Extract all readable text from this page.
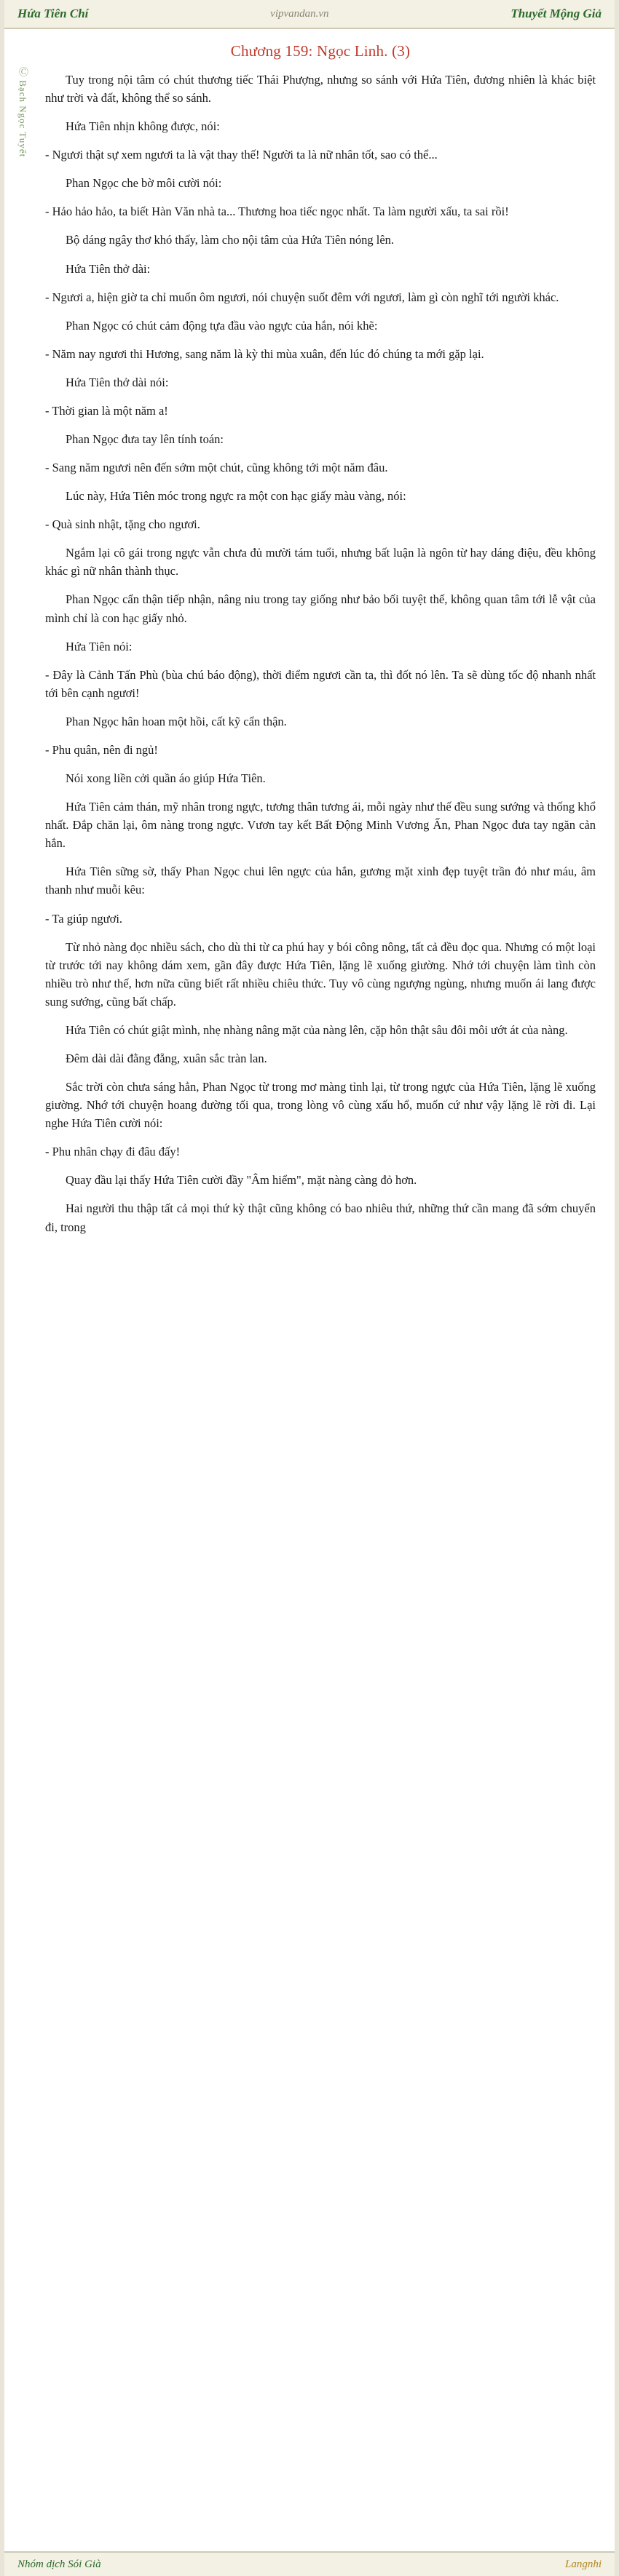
Hứa Tiên Chí	vipvandan.vn	Thuyết Mộng Giả
Ⓒ Bạch Ngọc Tuyết
Chương 159: Ngọc Linh. (3)

Tuy trong nội tâm có chút thương tiếc Thái Phượng, nhưng so sánh với Hứa Tiên, đương nhiên là khác biệt như trời và đất, không thể so sánh.

Hứa Tiên nhịn không được, nói:

- Ngươi thật sự xem ngươi ta là vật thay thế! Người ta là nữ nhân tốt, sao có thể...

Phan Ngọc che bờ môi cười nói:

- Hảo hảo hảo, ta biết Hàn Văn nhà ta... Thương hoa tiếc ngọc nhất. Ta làm người xấu, ta sai rồi!

Bộ dáng ngây thơ khó thấy, làm cho nội tâm của Hứa Tiên nóng lên.

Hứa Tiên thở dài:

- Ngươi a, hiện giờ ta chỉ muốn ôm ngươi, nói chuyện suốt đêm với ngươi, làm gì còn nghĩ tới người khác.

Phan Ngọc có chút cảm động tựa đầu vào ngực của hắn, nói khẽ:

- Năm nay ngươi thi Hương, sang năm là kỳ thi mùa xuân, đến lúc đó chúng ta mới gặp lại.

Hứa Tiên thở dài nói:

- Thời gian là một năm a!

Phan Ngọc đưa tay lên tính toán:

- Sang năm ngươi nên đến sớm một chút, cũng không tới một năm đâu.

Lúc này, Hứa Tiên móc trong ngực ra một con hạc giấy màu vàng, nói:

- Quà sinh nhật, tặng cho ngươi.

Ngắm lại cô gái trong ngực vẫn chưa đủ mười tám tuổi, nhưng bất luận là ngôn từ hay dáng điệu, đều không khác gì nữ nhân thành thục.

Phan Ngọc cẩn thận tiếp nhận, nâng niu trong tay giống như bảo bối tuyệt thế, không quan tâm tới lễ vật của mình chỉ là con hạc giấy nhỏ.

Hứa Tiên nói:

- Đây là Cảnh Tấn Phù (bùa chú báo động), thời điểm ngươi cần ta, thì đốt nó lên. Ta sẽ dùng tốc độ nhanh nhất tới bên cạnh ngươi!

Phan Ngọc hân hoan một hồi, cất kỹ cẩn thận.

- Phu quân, nên đi ngủ!

Nói xong liền cởi quần áo giúp Hứa Tiên.

Hứa Tiên cảm thán, mỹ nhân trong ngực, tương thân tương ái, mỗi ngày như thế đều sung sướng và thống khổ nhất. Đắp chăn lại, ôm nàng trong ngực. Vươn tay kết Bất Động Minh Vương Ấn, Phan Ngọc đưa tay ngăn cản hắn.

Hứa Tiên sững sờ, thấy Phan Ngọc chui lên ngực của hắn, gương mặt xinh đẹp tuyệt trần đỏ như máu, âm thanh như muỗi kêu:

- Ta giúp ngươi.

Từ nhỏ nàng đọc nhiều sách, cho dù thi từ ca phú hay y bói công nông, tất cả đều đọc qua. Nhưng có một loại từ trước tới nay không dám xem, gần đây được Hứa Tiên, lặng lẽ xuống giường. Nhớ tới chuyện làm tình còn nhiều trò như thế, hơn nữa cũng biết rất nhiều chiêu thức. Tuy vô cùng ngượng ngùng, nhưng muốn ái lang được sung sướng, cũng bất chấp.

Hứa Tiên có chút giật mình, nhẹ nhàng nâng mặt của nàng lên, cặp hôn thật sâu đôi môi ướt át của nàng.

Đêm dài dài đằng đẵng, xuân sắc tràn lan.

Sắc trời còn chưa sáng hẳn, Phan Ngọc từ trong mơ màng tỉnh lại, từ trong ngực của Hứa Tiên, lặng lẽ xuống giường. Nhớ tới chuyện hoang đường tối qua, trong lòng vô cùng xấu hổ, muốn cứ như vậy lặng lẽ rời đi. Lại nghe Hứa Tiên cười nói:

- Phu nhân chạy đi đâu đấy!

Quay đầu lại thấy Hứa Tiên cười đầy "Âm hiểm", mặt nàng càng đỏ hơn.

Hai người thu thập tất cả mọi thứ kỳ thật cũng không có bao nhiêu thứ, những thứ cần mang đã sớm chuyển đi, trong

Nhóm dịch Sói Già	Langnhi
